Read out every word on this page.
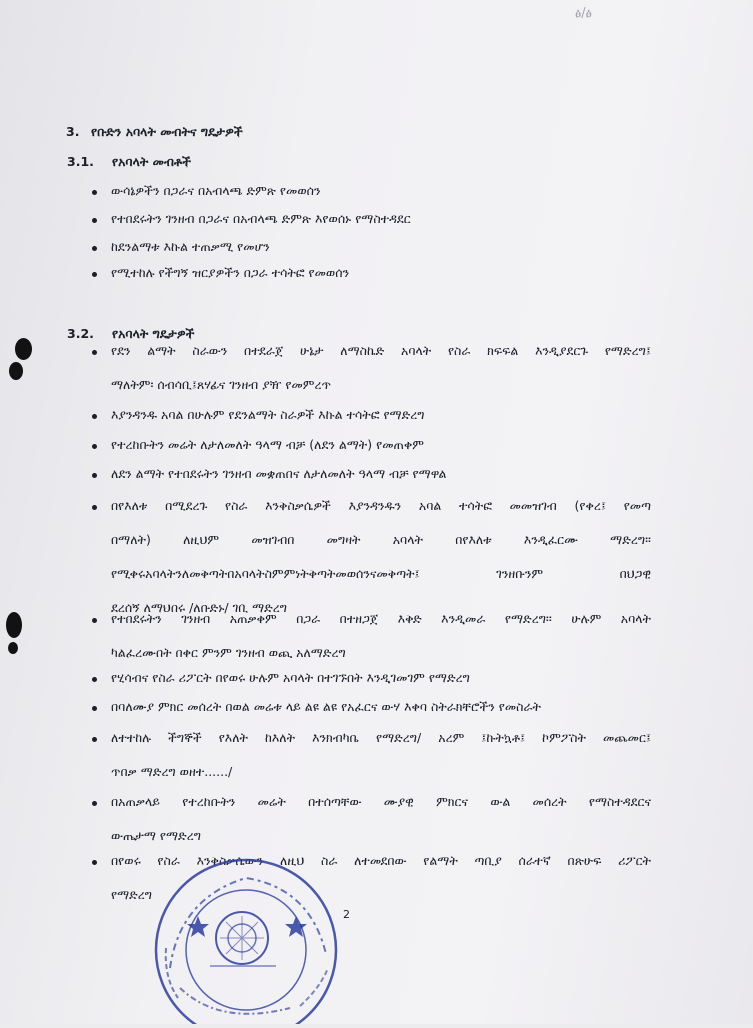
ፅ/ፅ
3. የቡድን አባላት መብትና ግዴታዎች
3.1. የአባላት መብቶች
ውሳኔዎችን በጋራና በአብላጫ ድምጽ የመወሰን
የተበደሩትን ገንዘብ በጋራና በአብላጫ ድምጽ እየወሰኑ የማስተዳደር
ከደንልማቱ እኩል ተጠቃሚ የመሆን
የሚተከሉ የችግኝ ዝርያዎችን በጋራ ተሳትፎ የመወሰን
3.2. የአባላት ግዴታዎች
የደን ልማት ስራውን በተደራጀ ሁኔታ ለማስኬድ አባላት የስራ ክፍፍል እንዲያደርጉ የማድረግ፤
ማለትም፡ ሰብሳቢ፤ጸሃፊና ገንዘብ ያዥ የመምረጥ
እያንዳንዱ አባል በሁሉም የደንልማት ስራዎች እኩል ተሳትፎ የማድረግ
የተረከቡትን መሬት ለታለመለት ዓላማ ብቻ (ለደን ልማት) የመጠቀም
ለደን ልማት የተበደሩትን ገንዘብ መቋጠበና ለታለመለት ዓላማ ብቻ የማዋል
በየእለቱ በሚደረጉ የስራ እንቅስቃሴዎች እያንዳንዱን አባል ተሳትፎ መመዝገብ (የቀረ፤ የመጣ
በማለት) ለዚህም መዝገብበ መግዛት አባላት በየእለቱ እንዲፈርሙ ማድረግ፡፡
የሚቀሩአባላትንለመቅጣትበአባላትስምምነትቅጣትመወሰንናመቅጣት፤ ገንዘቡንም በህጋዊ
ደረሰኝ ለማህበሩ /ለቡድኑ/ ገቢ ማድረግ
የተበደሩትን ገንዘብ አጠቃቀም በጋራ በተዘጋጀ እቅድ እንዲመራ የማድረግ፡፡ ሁሉም አባላት
ካልፈረሙበት በቀር ምንም ገንዘብ ወጪ አለማድረግ
የሂሳብና የስራ ሪፖርት በየወሩ ሁሉም አባላት በተገኙበት እንዲገመገም የማድረግ
በባለሙያ ምክር መሰረት በወል መሬቱ ላይ ልዩ ልዩ የአፈርና ውሃ እቀባ ስትራክቸሮችን የመስራት
ለተተከሉ ችግኞች የእለት ከእለት እንክብካቤ የማድረግ/ አረም ፤ኩትኳቶ፤ ኮምፖስት መጨመር፤
ጥበቃ ማድረግ ወዘተ....../
በአጠቃላይ የተረከቡትን መሬት በተሰጣቸው ሙያዊ ምክርና ውል መሰረት የማስተዳደርና
ውጤታማ የማድረግ
በየወሩ የስራ እንቅስቃሴውን ለዚህ ስራ ለተመደበው የልማት ጣቢያ ሰራተኛ በጽሁፍ ሪፖርት
የማድረግ
2
